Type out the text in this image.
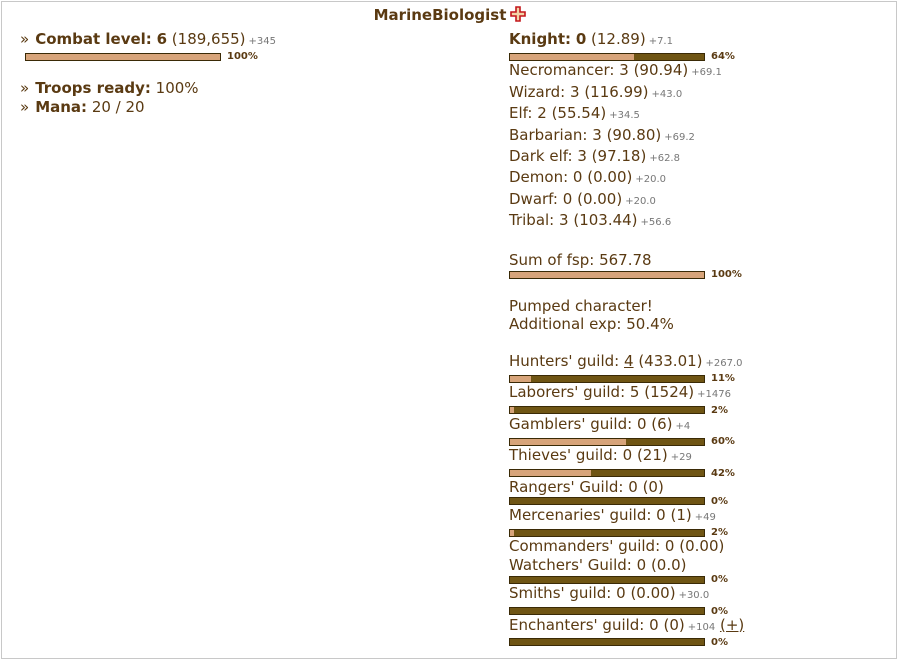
MarineBiologist
» Combat level: 6 (189,655) +345
100%
» Troops ready: 100%
» Mana: 20 / 20
Knight: 0 (12.89) +7.1
64%
Necromancer: 3 (90.94) +69.1
Wizard: 3 (116.99) +43.0
Elf: 2 (55.54) +34.5
Barbarian: 3 (90.80) +69.2
Dark elf: 3 (97.18) +62.8
Demon: 0 (0.00) +20.0
Dwarf: 0 (0.00) +20.0
Tribal: 3 (103.44) +56.6
Sum of fsp: 567.78
100%
Pumped character!
Additional exp: 50.4%
Hunters' guild: 4 (433.01) +267.0
11%
Laborers' guild: 5 (1524) +1476
2%
Gamblers' guild: 0 (6) +4
60%
Thieves' guild: 0 (21) +29
42%
Rangers' Guild: 0 (0)
0%
Mercenaries' guild: 0 (1) +49
2%
Commanders' guild: 0 (0.00)
Watchers' Guild: 0 (0.0)
0%
Smiths' guild: 0 (0.00) +30.0
0%
Enchanters' guild: 0 (0) +104 (+)
0%
